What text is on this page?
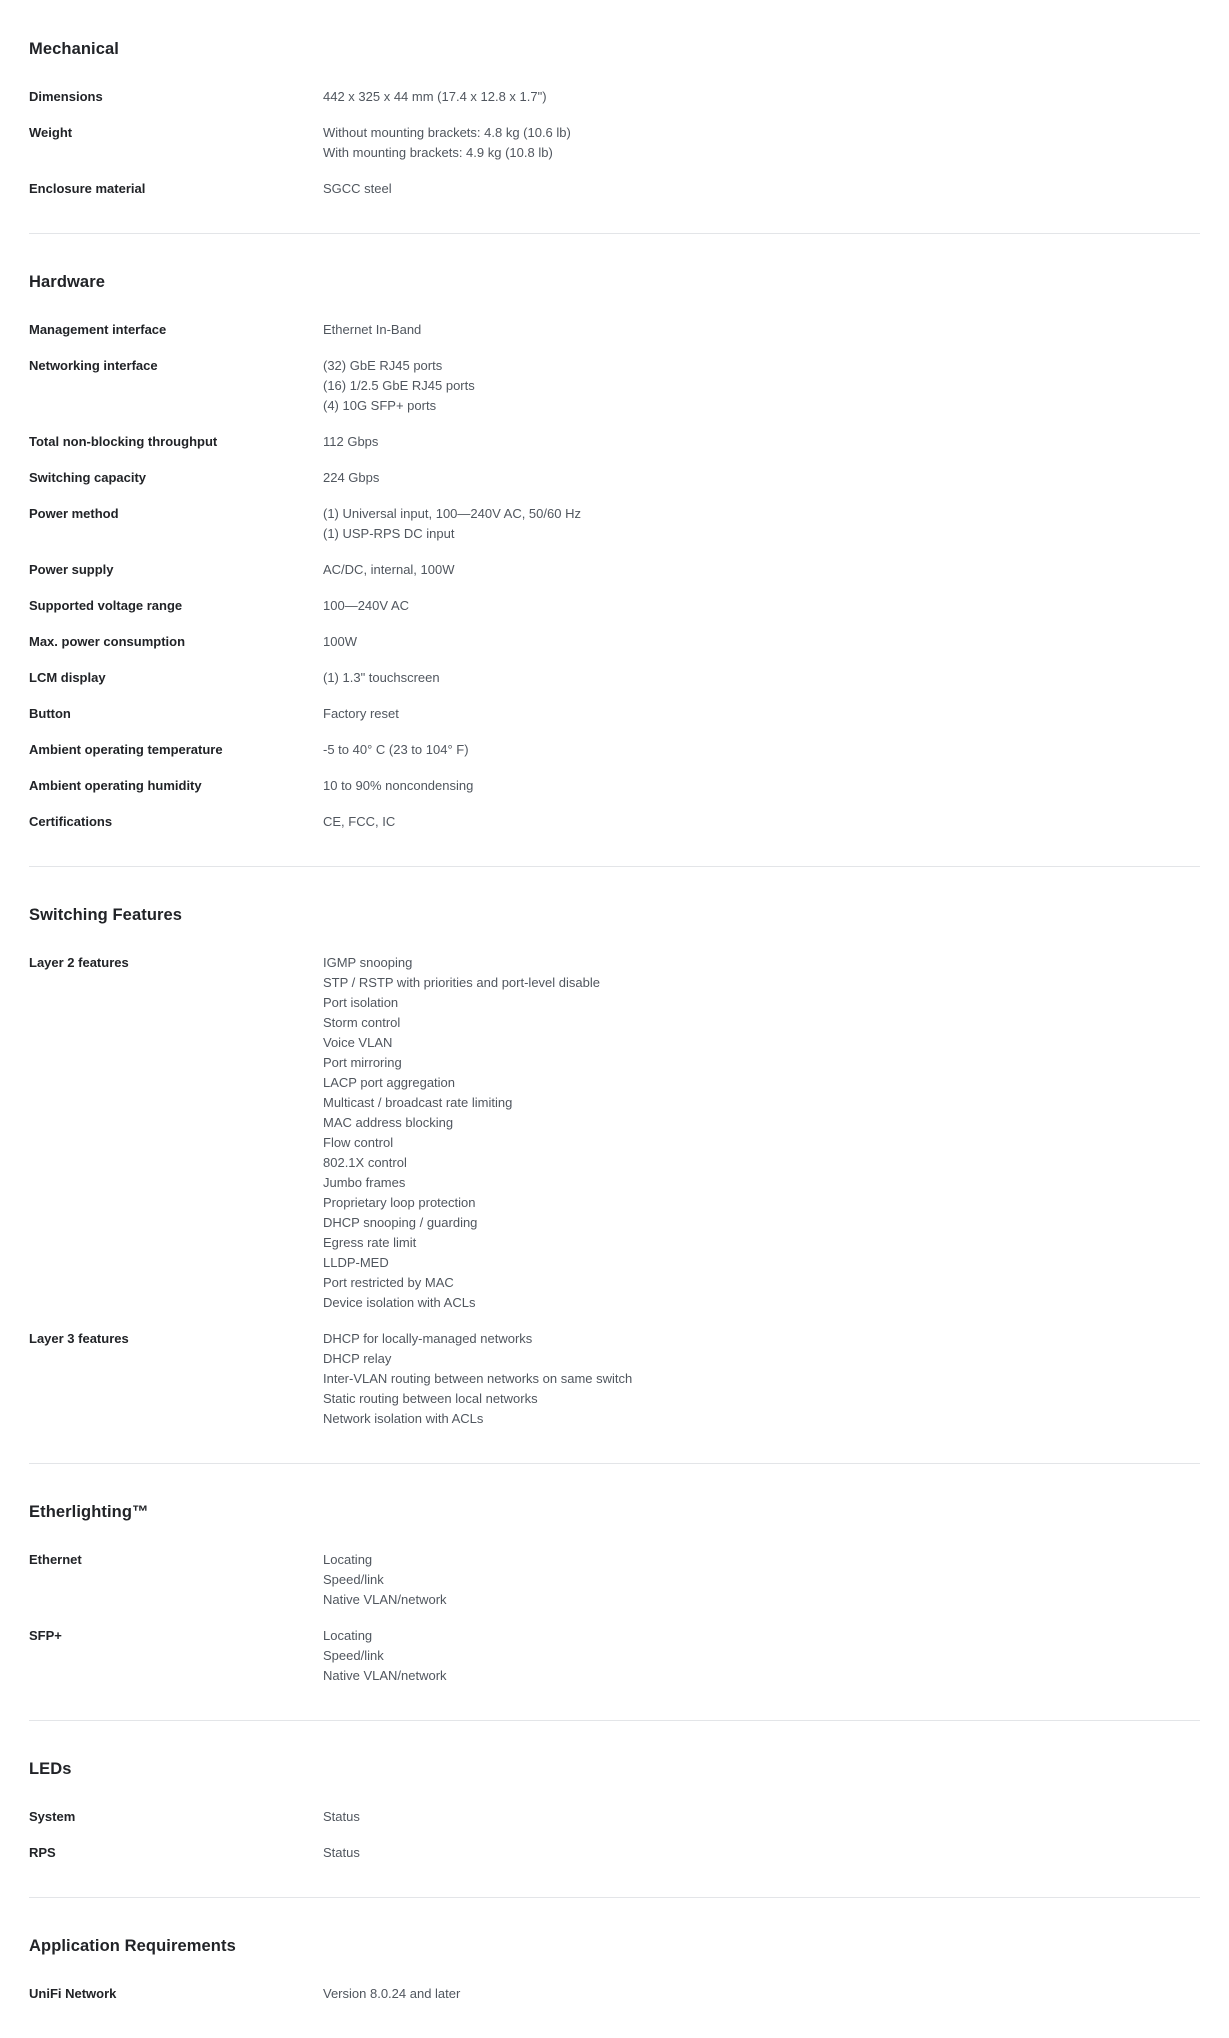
Mechanical
Dimensions	442 x 325 x 44 mm (17.4 x 12.8 x 1.7")
Weight	Without mounting brackets: 4.8 kg (10.6 lb)
With mounting brackets: 4.9 kg (10.8 lb)
Enclosure material	SGCC steel
Hardware
Management interface	Ethernet In-Band
Networking interface	(32) GbE RJ45 ports
(16) 1/2.5 GbE RJ45 ports
(4) 10G SFP+ ports
Total non-blocking throughput	112 Gbps
Switching capacity	224 Gbps
Power method	(1) Universal input, 100—240V AC, 50/60 Hz
(1) USP-RPS DC input
Power supply	AC/DC, internal, 100W
Supported voltage range	100—240V AC
Max. power consumption	100W
LCM display	(1) 1.3" touchscreen
Button	Factory reset
Ambient operating temperature	-5 to 40° C (23 to 104° F)
Ambient operating humidity	10 to 90% noncondensing
Certifications	CE, FCC, IC
Switching Features
Layer 2 features	IGMP snooping
STP / RSTP with priorities and port-level disable
Port isolation
Storm control
Voice VLAN
Port mirroring
LACP port aggregation
Multicast / broadcast rate limiting
MAC address blocking
Flow control
802.1X control
Jumbo frames
Proprietary loop protection
DHCP snooping / guarding
Egress rate limit
LLDP-MED
Port restricted by MAC
Device isolation with ACLs
Layer 3 features	DHCP for locally-managed networks
DHCP relay
Inter-VLAN routing between networks on same switch
Static routing between local networks
Network isolation with ACLs
Etherlighting™
Ethernet	Locating
Speed/link
Native VLAN/network
SFP+	Locating
Speed/link
Native VLAN/network
LEDs
System	Status
RPS	Status
Application Requirements
UniFi Network	Version 8.0.24 and later
